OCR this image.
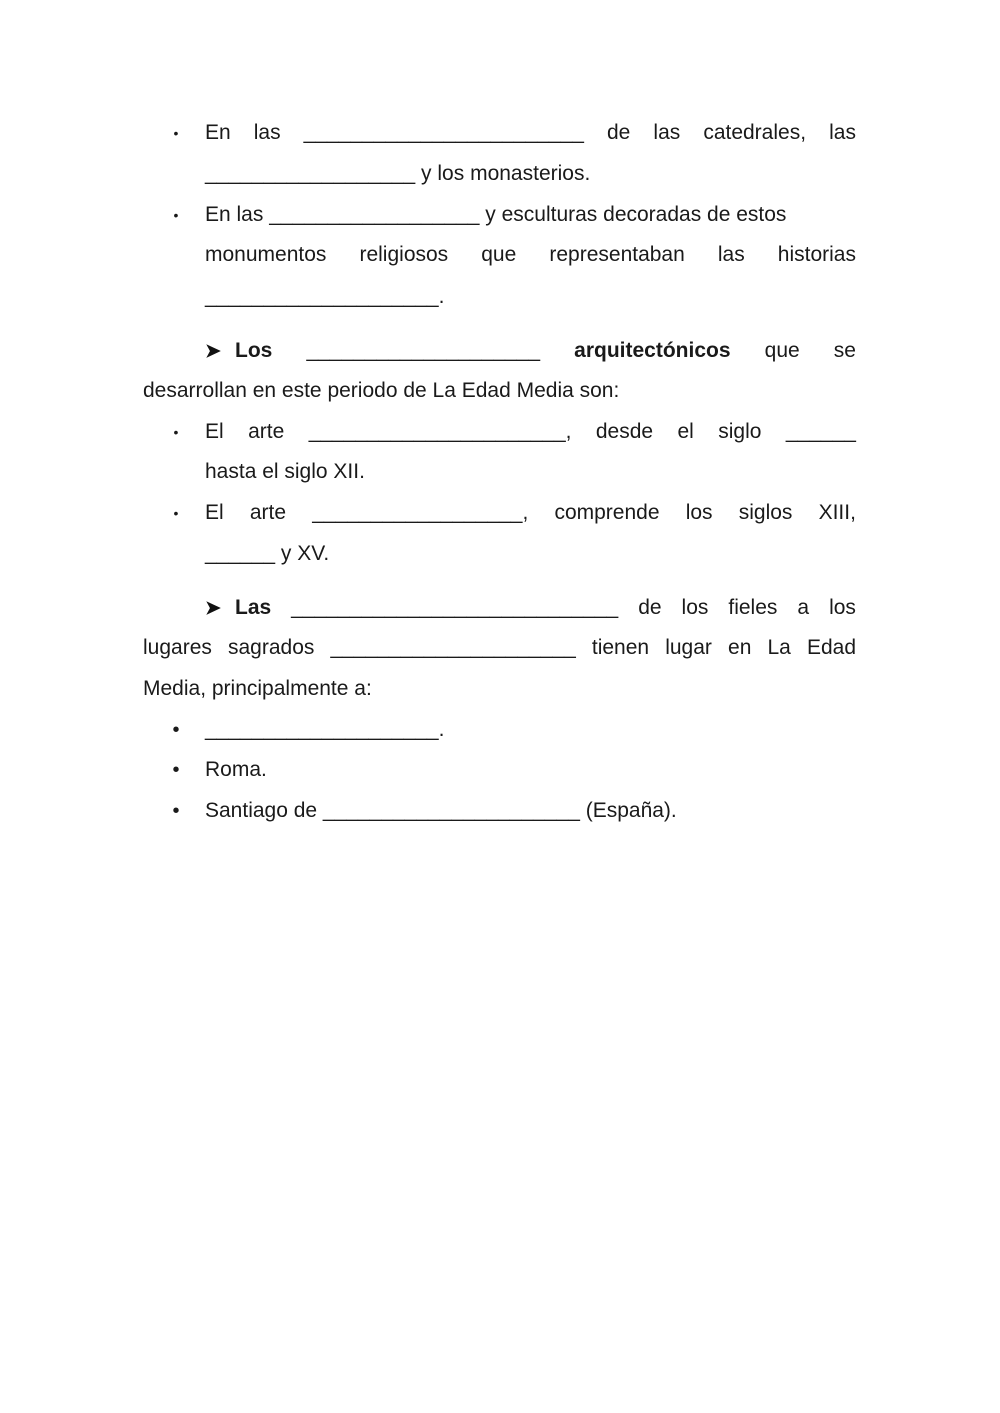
• En las ________________________ de las catedrales, las
__________________ y los monasterios.
• En las __________________ y esculturas decoradas de estos
monumentos religiosos que representaban las historias
____________________.
➤ Los ____________________ arquitectónicos que se
desarrollan en este periodo de La Edad Media son:
• El arte ______________________, desde el siglo ______
hasta el siglo XII.
• El arte __________________, comprende los siglos XIII,
______ y XV.
➤ Las ____________________________ de los fieles a los
lugares sagrados _____________________ tienen lugar en La Edad
Media, principalmente a:
• ____________________.
• Roma.
• Santiago de ______________________ (España).
